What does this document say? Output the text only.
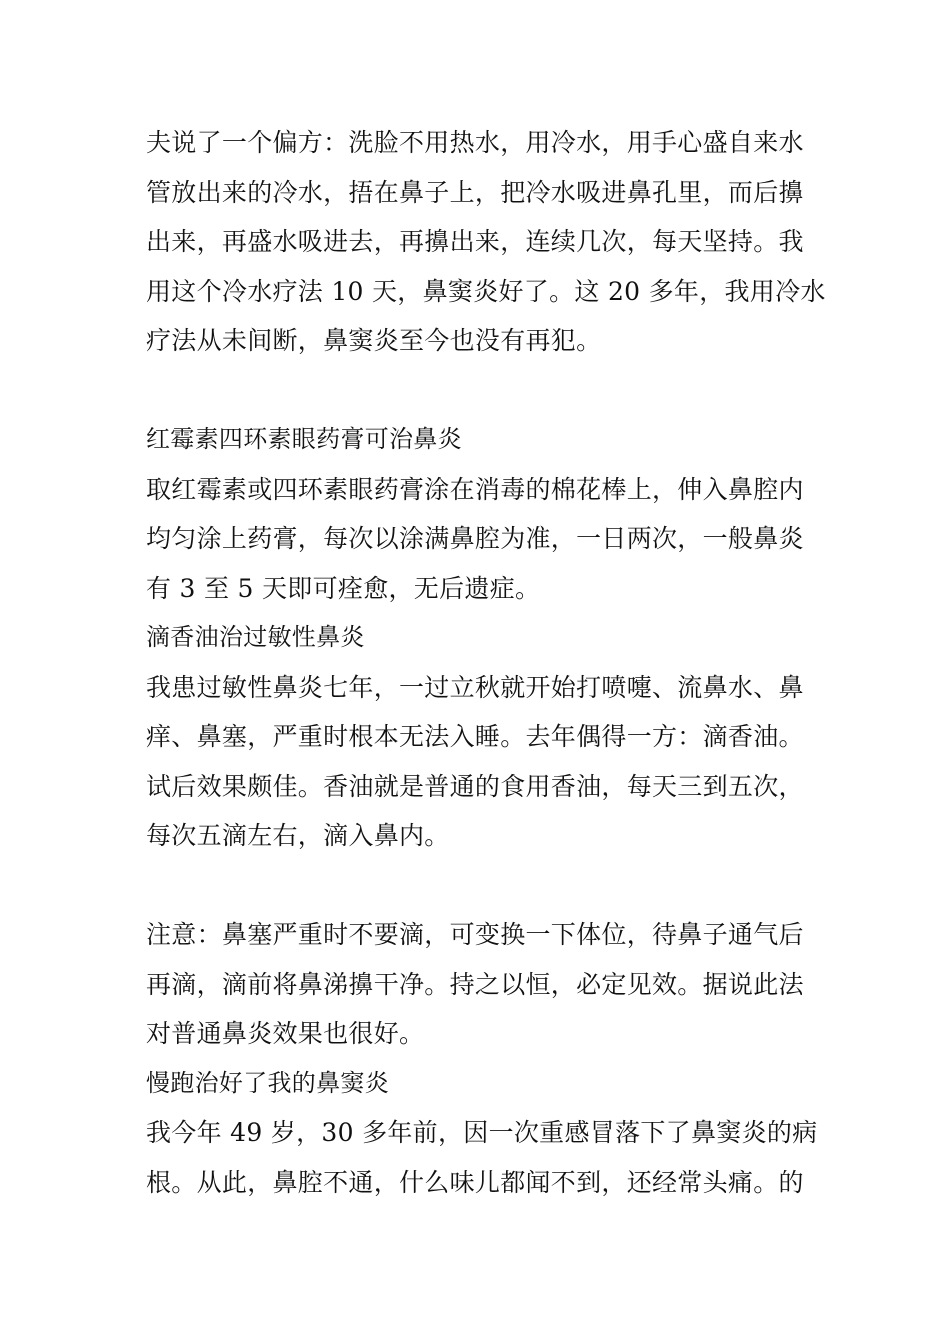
夫说了一个偏方：洗脸不用热水，用冷水，用手心盛自来水
管放出来的冷水，捂在鼻子上，把冷水吸进鼻孔里，而后擤
出来，再盛水吸进去，再擤出来，连续几次，每天坚持。我
用这个冷水疗法 10 天，鼻窦炎好了。这 20 多年，我用冷水
疗法从未间断，鼻窦炎至今也没有再犯。
红霉素四环素眼药膏可治鼻炎
取红霉素或四环素眼药膏涂在消毒的棉花棒上，伸入鼻腔内
均匀涂上药膏，每次以涂满鼻腔为准，一日两次，一般鼻炎
有 3 至 5 天即可痊愈，无后遗症。
滴香油治过敏性鼻炎
我患过敏性鼻炎七年，一过立秋就开始打喷嚏、流鼻水、鼻
痒、鼻塞，严重时根本无法入睡。去年偶得一方：滴香油。
试后效果颇佳。香油就是普通的食用香油，每天三到五次，
每次五滴左右，滴入鼻内。
注意：鼻塞严重时不要滴，可变换一下体位，待鼻子通气后
再滴，滴前将鼻涕擤干净。持之以恒，必定见效。据说此法
对普通鼻炎效果也很好。
慢跑治好了我的鼻窦炎
我今年 49 岁，30 多年前，因一次重感冒落下了鼻窦炎的病
根。从此，鼻腔不通，什么味儿都闻不到，还经常头痛。的
